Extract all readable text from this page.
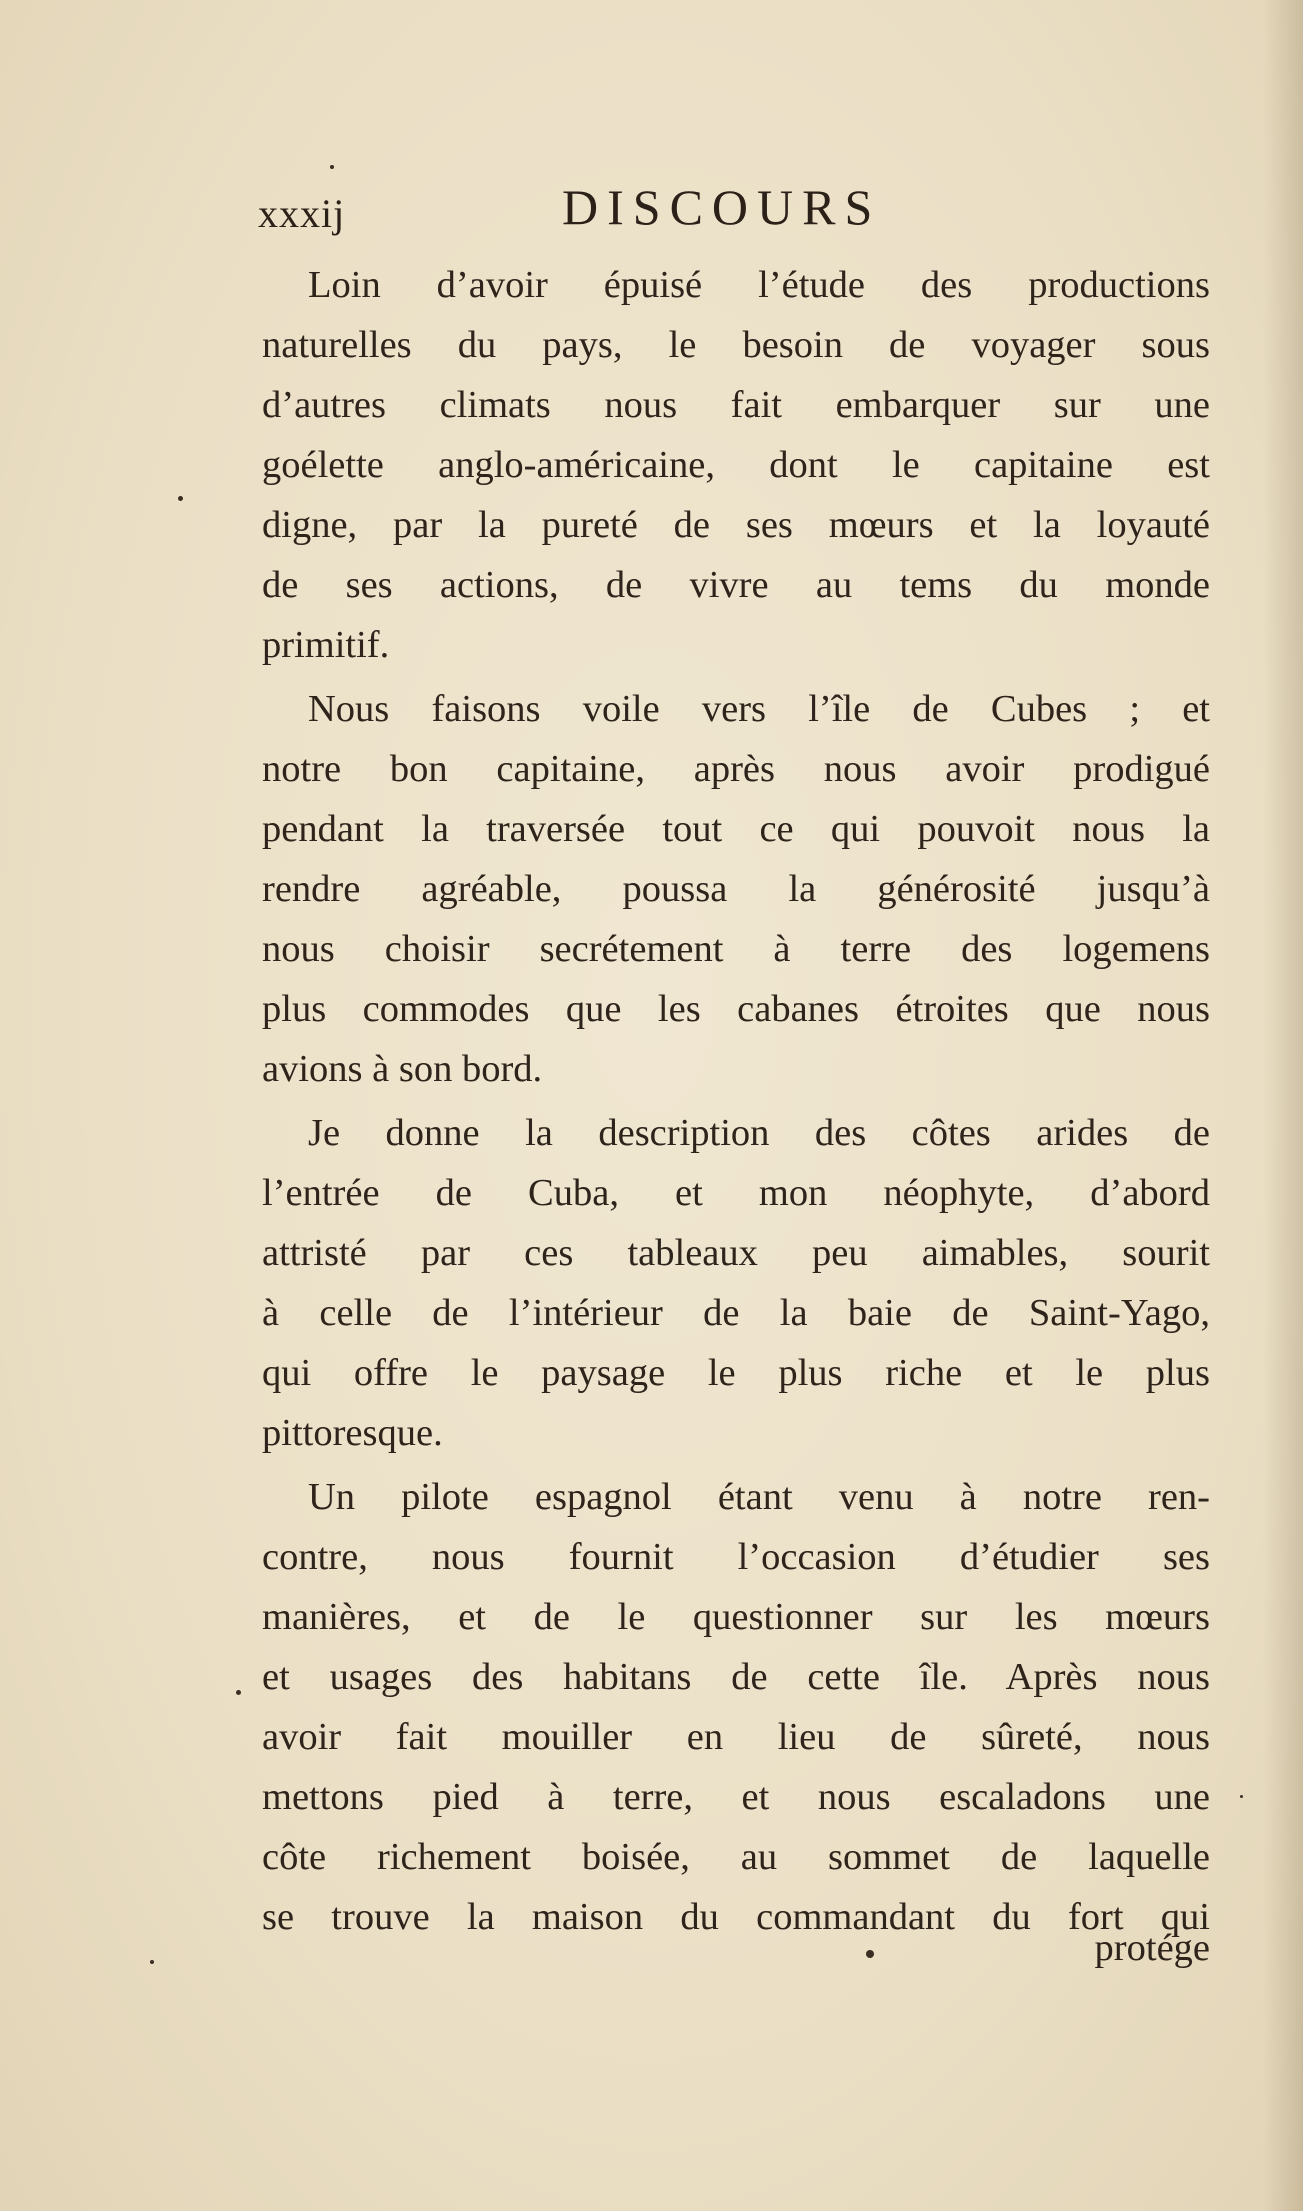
xxxij	DISCOURS
Loin d’avoir épuisé l’étude des productions
naturelles du pays, le besoin de voyager sous
d’autres climats nous fait embarquer sur une
goélette anglo-américaine, dont le capitaine est
digne, par la pureté de ses mœurs et la loyauté
de ses actions, de vivre au tems du monde
primitif.
Nous faisons voile vers l’île de Cubes ; et
notre bon capitaine, après nous avoir prodigué
pendant la traversée tout ce qui pouvoit nous la
rendre agréable, poussa la générosité jusqu’à
nous choisir secrétement à terre des logemens
plus commodes que les cabanes étroites que nous
avions à son bord.
Je donne la description des côtes arides de
l’entrée de Cuba, et mon néophyte, d’abord
attristé par ces tableaux peu aimables, sourit
à celle de l’intérieur de la baie de Saint-Yago,
qui offre le paysage le plus riche et le plus
pittoresque.
Un pilote espagnol étant venu à notre ren-
contre, nous fournit l’occasion d’étudier ses
manières, et de le questionner sur les mœurs
et usages des habitans de cette île. Après nous
avoir fait mouiller en lieu de sûreté, nous
mettons pied à terre, et nous escaladons une
côte richement boisée, au sommet de laquelle
se trouve la maison du commandant du fort qui
protége
